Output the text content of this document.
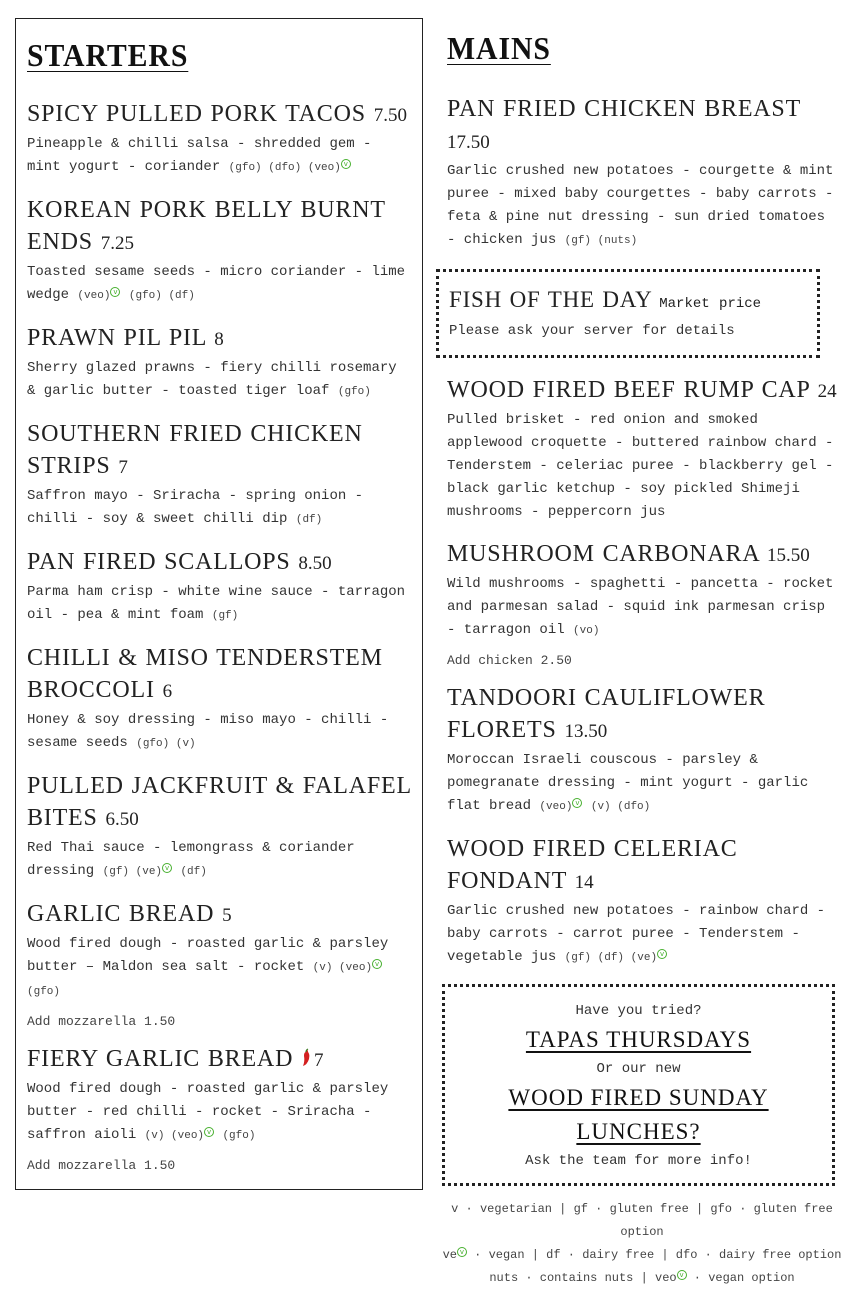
STARTERS
SPICY PULLED PORK TACOS 7.50
Pineapple & chilli salsa - shredded gem - mint yogurt - coriander (gfo) (dfo) (veo) v
KOREAN PORK BELLY BURNT ENDS 7.25
Toasted sesame seeds - micro coriander - lime wedge (veo) v (gfo) (df)
PRAWN PIL PIL 8
Sherry glazed prawns - fiery chilli rosemary & garlic butter - toasted tiger loaf (gfo)
SOUTHERN FRIED CHICKEN STRIPS 7
Saffron mayo - Sriracha - spring onion - chilli - soy & sweet chilli dip (df)
PAN FIRED SCALLOPS 8.50
Parma ham crisp - white wine sauce - tarragon oil - pea & mint foam (gf)
CHILLI & MISO TENDERSTEM BROCCOLI 6
Honey & soy dressing - miso mayo - chilli - sesame seeds (gfo) (v)
PULLED JACKFRUIT & FALAFEL BITES 6.50
Red Thai sauce - lemongrass & coriander dressing (gf) (ve) v (df)
GARLIC BREAD 5
Wood fired dough - roasted garlic & parsley butter – Maldon sea salt - rocket (v) (veo) v (gfo)
Add mozzarella 1.50
FIERY GARLIC BREAD 7
Wood fired dough - roasted garlic & parsley butter - red chilli - rocket - Sriracha - saffron aioli (v) (veo) v (gfo)
Add mozzarella 1.50
MAINS
PAN FRIED CHICKEN BREAST 17.50
Garlic crushed new potatoes - courgette & mint puree - mixed baby courgettes - baby carrots - feta & pine nut dressing - sun dried tomatoes - chicken jus (gf) (nuts)
FISH OF THE DAY Market price
Please ask your server for details
WOOD FIRED BEEF RUMP CAP 24
Pulled brisket - red onion and smoked applewood croquette - buttered rainbow chard - Tenderstem - celeriac puree - blackberry gel - black garlic ketchup - soy pickled Shimeji mushrooms - peppercorn jus
MUSHROOM CARBONARA 15.50
Wild mushrooms - spaghetti - pancetta - rocket and parmesan salad - squid ink parmesan crisp - tarragon oil (vo)
Add chicken 2.50
TANDOORI CAULIFLOWER FLORETS 13.50
Moroccan Israeli couscous - parsley & pomegranate dressing - mint yogurt - garlic flat bread (veo) v (v) (dfo)
WOOD FIRED CELERIAC FONDANT 14
Garlic crushed new potatoes - rainbow chard - baby carrots - carrot puree - Tenderstem - vegetable jus (gf) (df) (ve) v
Have you tried?
TAPAS THURSDAYS
Or our new
WOOD FIRED SUNDAY LUNCHES?
Ask the team for more info!
v · vegetarian | gf · gluten free | gfo · gluten free option
ve v · vegan | df · dairy free | dfo · dairy free option
nuts · contains nuts | veo v · vegan option
